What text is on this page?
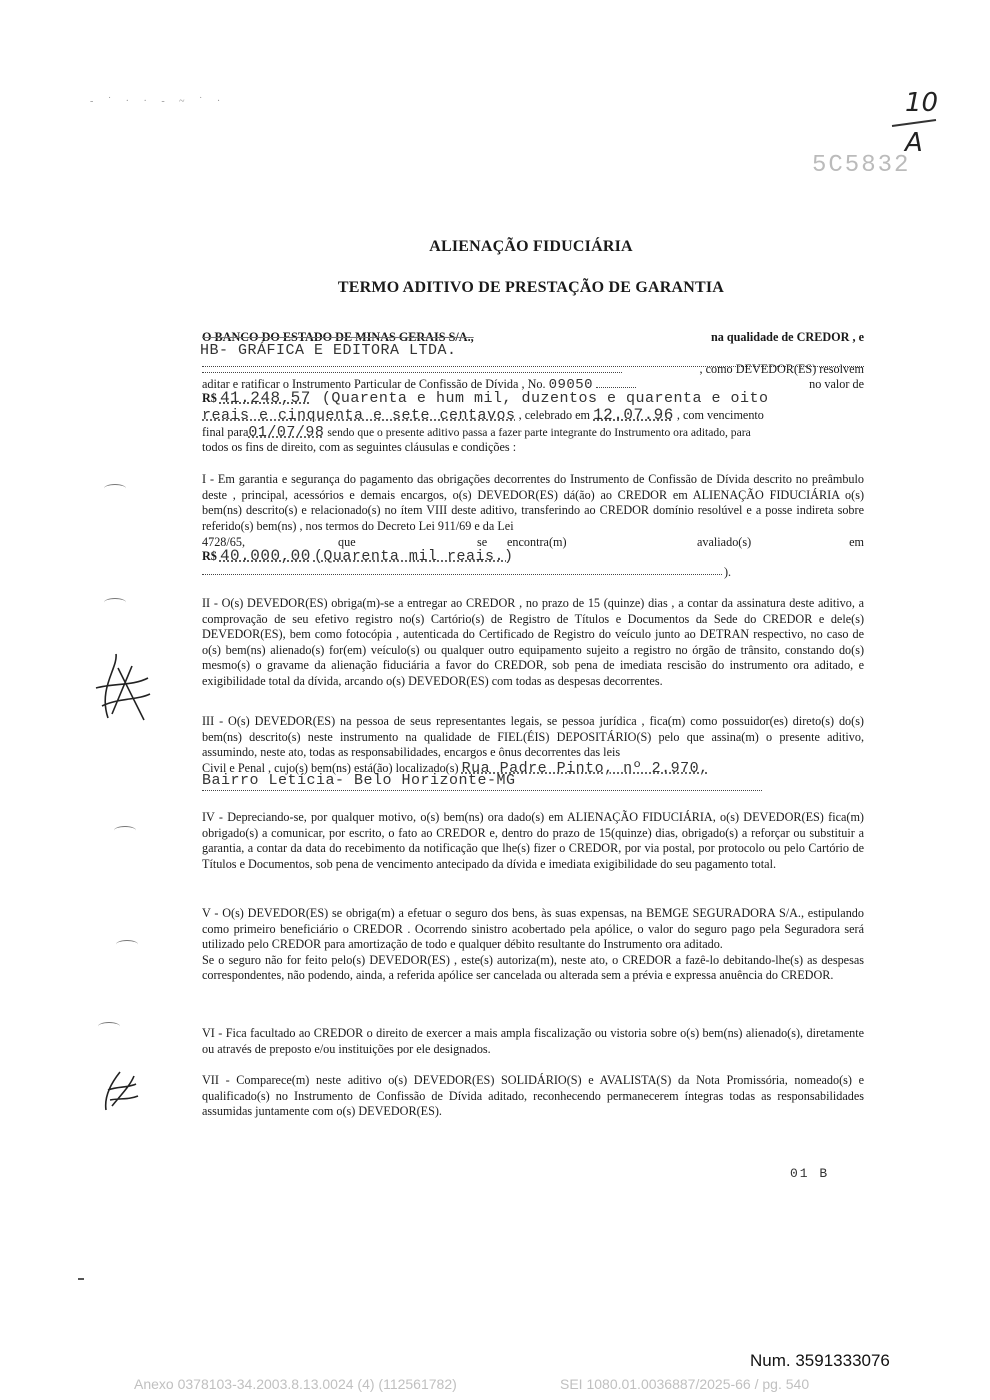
10
A
5C5832
- ˙ · · - ~ ˙ ·
ALIENAÇÃO FIDUCIÁRIA
TERMO ADITIVO DE PRESTAÇÃO DE GARANTIA
O BANCO DO ESTADO DE MINAS GERAIS S/A.,	na qualidade de CREDOR , e
HB- GRÁFICA E EDITORA LTDA.
, como DEVEDOR(ES) resolvem
aditar e ratificar o Instrumento Particular de Confissão de Dívida , No. 09050	no valor de
R$ 41.248,57 (Quarenta e hum mil, duzentos e quarenta e oito
reais e cinquenta e sete centavos , celebrado em 12.07.96 , com vencimento
final para01/07/98 sendo que o presente aditivo passa a fazer parte integrante do Instrumento ora aditado, para
todos os fins de direito, com as seguintes cláusulas e condições :
I - Em garantia e segurança do pagamento das obrigações decorrentes do Instrumento de Confissão de Dívida descrito no preâmbulo deste , principal, acessórios e demais encargos, o(s) DEVEDOR(ES) dá(ão) ao CREDOR em ALIENAÇÃO FIDUCIÁRIA o(s) bem(ns) descrito(s) e relacionado(s) no ítem VIII deste aditivo, transferindo ao CREDOR domínio resolúvel e a posse indireta sobre referido(s) bem(ns) , nos termos do Decreto Lei 911/69 e da Lei
4728/65,	que	se encontra(m)	avaliado(s)	em
R$ 40.000,00 (Quarenta mil reais.)
).
II - O(s) DEVEDOR(ES) obriga(m)-se a entregar ao CREDOR , no prazo de 15 (quinze) dias , a contar da assinatura deste aditivo, a comprovação de seu efetivo registro no(s) Cartório(s) de Registro de Títulos e Documentos da Sede do CREDOR e dele(s) DEVEDOR(ES), bem como fotocópia , autenticada do Certificado de Registro do veículo junto ao DETRAN respectivo, no caso de o(s) bem(ns) alienado(s) for(em) veículo(s) ou qualquer outro equipamento sujeito a registro no órgão de trânsito, constando do(s) mesmo(s) o gravame da alienação fiduciária a favor do CREDOR, sob pena de imediata rescisão do instrumento ora aditado, e exigibilidade total da dívida, arcando o(s) DEVEDOR(ES) com todas as despesas decorrentes.
III - O(s) DEVEDOR(ES) na pessoa de seus representantes legais, se pessoa jurídica , fica(m) como possuidor(es) direto(s) do(s) bem(ns) descrito(s) neste instrumento na qualidade de FIEL(ÉIS) DEPOSITÁRIO(S) pelo que assina(m) o presente aditivo, assumindo, neste ato, todas as responsabilidades, encargos e ônus decorrentes das leis
Civil e Penal , cujo(s) bem(ns) está(ão) localizado(s) Rua Padre Pinto, nº 2.970,
Bairro Letícia- Belo Horizonte-MG
IV - Depreciando-se, por qualquer motivo, o(s) bem(ns) ora dado(s) em ALIENAÇÃO FIDUCIÁRIA, o(s) DEVEDOR(ES) fica(m) obrigado(s) a comunicar, por escrito, o fato ao CREDOR e, dentro do prazo de 15(quinze) dias, obrigado(s) a reforçar ou substituir a garantia, a contar da data do recebimento da notificação que lhe(s) fizer o CREDOR, por via postal, por protocolo ou pelo Cartório de Títulos e Documentos, sob pena de vencimento antecipado da dívida e imediata exigibilidade do seu pagamento total.
V - O(s) DEVEDOR(ES) se obriga(m) a efetuar o seguro dos bens, às suas expensas, na BEMGE SEGURADORA S/A., estipulando como primeiro beneficiário o CREDOR . Ocorrendo sinistro acobertado pela apólice, o valor do seguro pago pela Seguradora será utilizado pelo CREDOR para amortização de todo e qualquer débito resultante do Instrumento ora aditado.
Se o seguro não for feito pelo(s) DEVEDOR(ES) , este(s) autoriza(m), neste ato, o CREDOR a fazê-lo debitando-lhe(s) as despesas correspondentes, não podendo, ainda, a referida apólice ser cancelada ou alterada sem a prévia e expressa anuência do CREDOR.
VI - Fica facultado ao CREDOR o direito de exercer a mais ampla fiscalização ou vistoria sobre o(s) bem(ns) alienado(s), diretamente ou através de preposto e/ou instituições por ele designados.
VII - Comparece(m) neste aditivo o(s) DEVEDOR(ES) SOLIDÁRIO(S) e AVALISTA(S) da Nota Promissória, nomeado(s) e qualificado(s) no Instrumento de Confissão de Dívida aditado, reconhecendo permanecerem íntegras todas as responsabilidades assumidas juntamente com o(s) DEVEDOR(ES).
01 B
Num. 3591333076
Anexo 0378103-34.2003.8.13.0024 (4) (112561782)	SEI 1080.01.0036887/2025-66 / pg. 540
